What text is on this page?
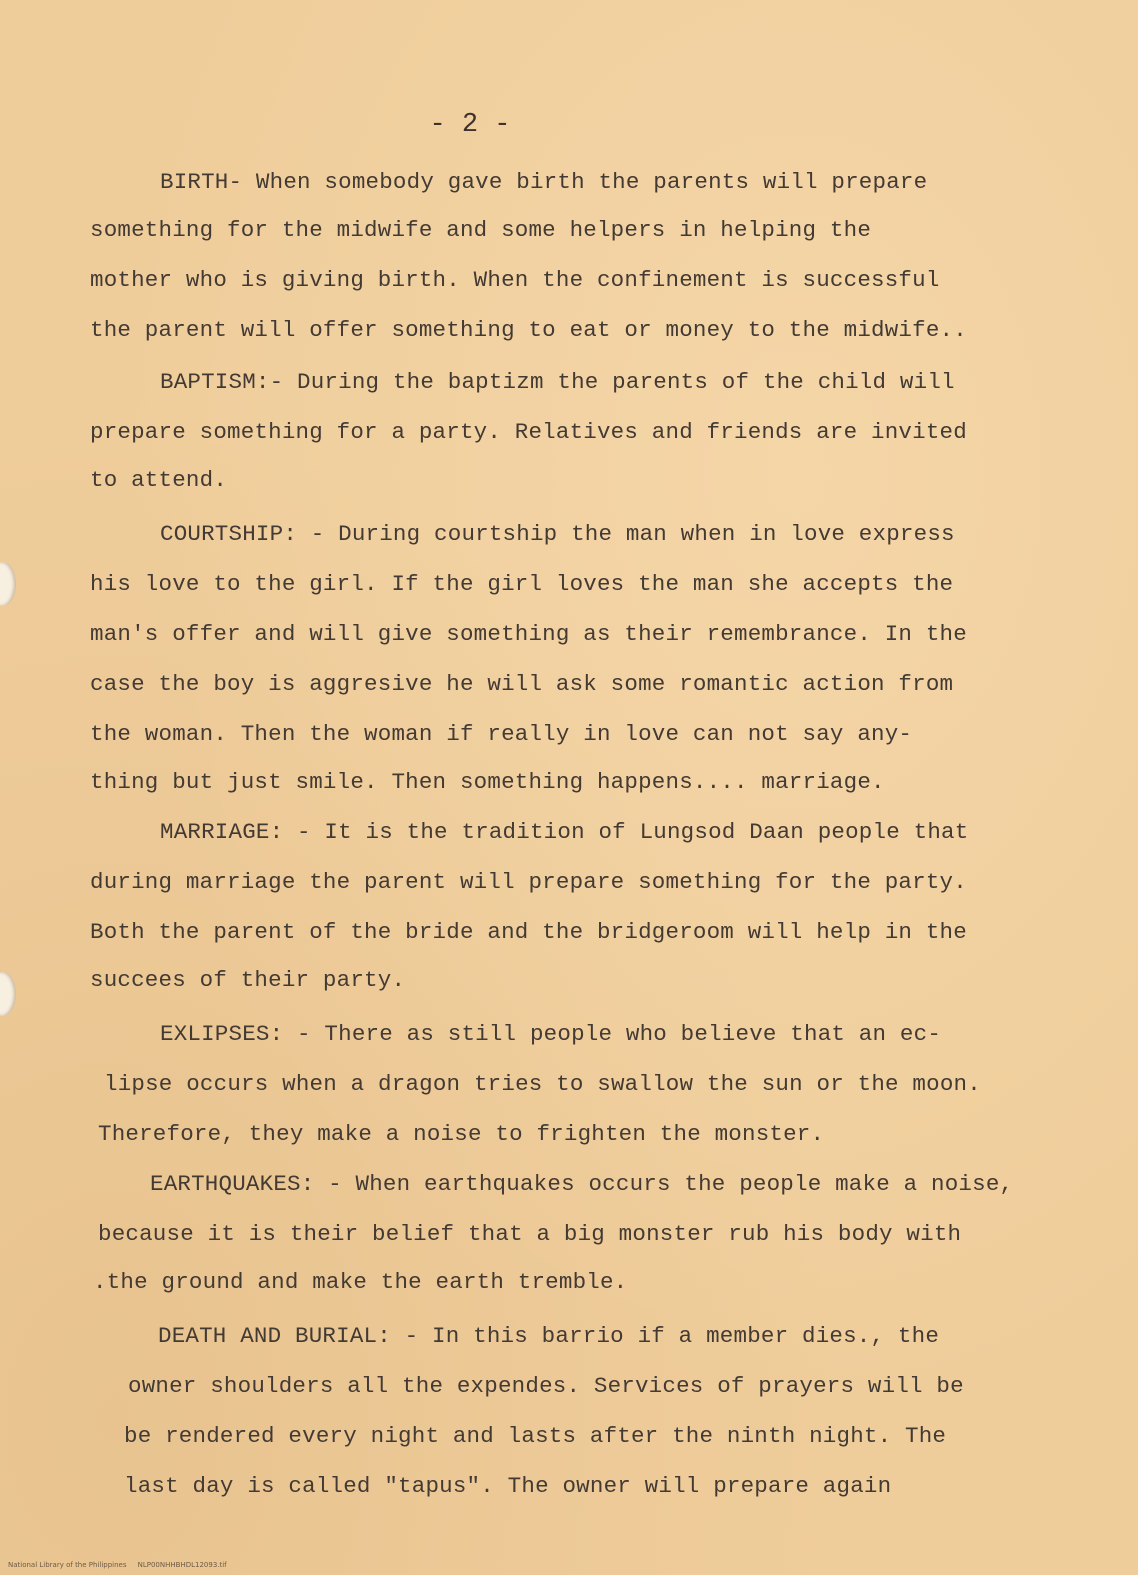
- 2 -
BIRTH- When somebody gave birth the parents will prepare
something for the midwife and some helpers in helping the
mother who is giving birth. When the confinement is successful
the parent will offer something to eat or money to the midwife..
BAPTISM:- During the baptizm the parents of the child will
prepare something for a party. Relatives and friends are invited
to attend.
COURTSHIP: - During courtship the man when in love express
his love to the girl. If the girl loves the man she accepts the
man's offer and will give something as their remembrance. In the
case the boy is aggresive he will ask some romantic action from
the woman. Then the woman if really in love can not say any-
thing but just smile. Then something happens.... marriage.
MARRIAGE: - It is the tradition of Lungsod Daan people that
during marriage the parent will prepare something for the party.
Both the parent of the bride and the bridgeroom will help in the
succees of their party.
EXLIPSES: - There as still people who believe that an ec-
lipse occurs when a dragon tries to swallow the sun or the moon.
Therefore, they make a noise to frighten the monster.
EARTHQUAKES: - When earthquakes occurs the people make a noise,
because it is their belief that a big monster rub his body with
.the ground and make the earth tremble.
DEATH AND BURIAL: - In this barrio if a member dies., the
owner shoulders all the expendes. Services of prayers will be
be rendered every night and lasts after the ninth night. The
last day is called "tapus". The owner will prepare again
National Library of the Philippines     NLP00NHHBHDL12093.tif
